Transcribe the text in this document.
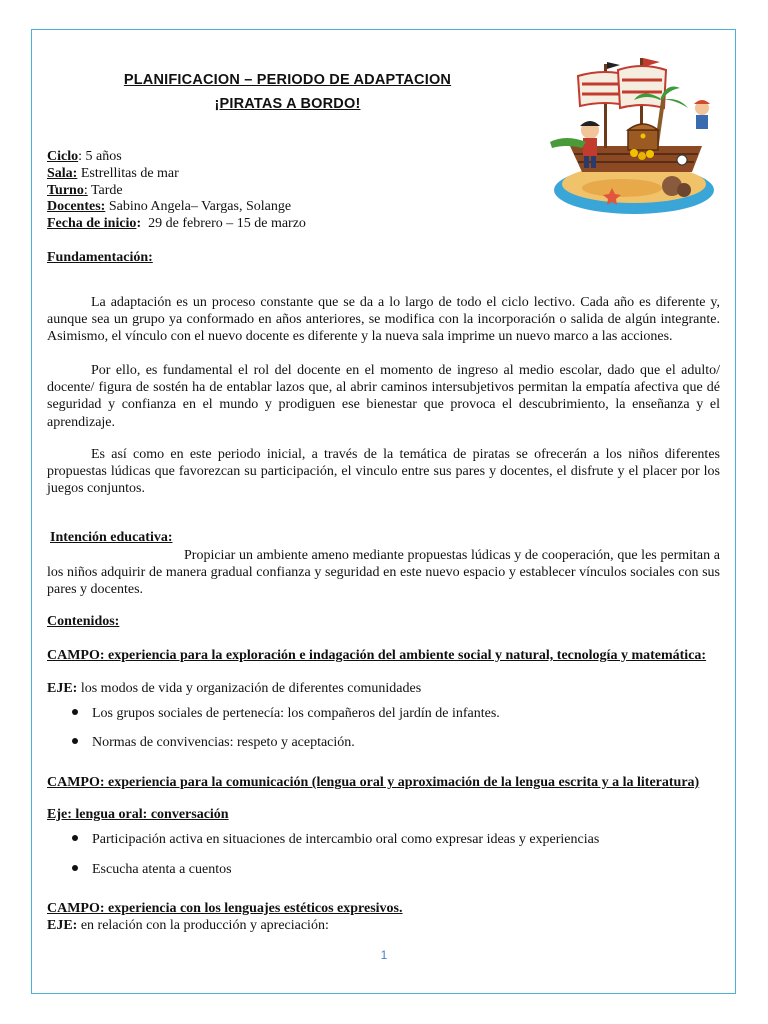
PLANIFICACION – PERIODO DE ADAPTACION
¡PIRATAS A BORDO!
Ciclo: 5 años
Sala: Estrellitas de mar
Turno: Tarde
Docentes: Sabino Angela– Vargas, Solange
Fecha de inicio: 29 de febrero – 15 de marzo
Fundamentación:

La adaptación es un proceso constante que se da a lo largo de todo el ciclo lectivo. Cada año es diferente y, aunque sea un grupo ya conformado en años anteriores, se modifica con la incorporación o salida de algún integrante. Asimismo, el vínculo con el nuevo docente es diferente y la nueva sala imprime un nuevo marco a las acciones.

Por ello, es fundamental el rol del docente en el momento de ingreso al medio escolar, dado que el adulto/ docente/ figura de sostén ha de entablar lazos que, al abrir caminos intersubjetivos permitan la empatía afectiva que dé seguridad y confianza en el mundo y prodiguen ese bienestar que provoca el descubrimiento, la enseñanza y el aprendizaje.

Es así como en este periodo inicial, a través de la temática de piratas se ofrecerán a los niños diferentes propuestas lúdicas que favorezcan su participación, el vinculo entre sus pares y docentes, el disfrute y el placer por los juegos conjuntos.

Intención educativa:

Propiciar un ambiente ameno mediante propuestas lúdicas y de cooperación, que les permitan a los niños adquirir de manera gradual confianza y seguridad en este nuevo espacio y establecer vínculos sociales con sus pares y docentes.

Contenidos:

CAMPO: experiencia para la exploración e indagación del ambiente social y natural, tecnología y matemática:

EJE: los modos de vida y organización de diferentes comunidades
Los grupos sociales de pertenecía: los compañeros del jardín de infantes.
Normas de convivencias: respeto y aceptación.

CAMPO: experiencia para la comunicación (lengua oral y aproximación de la lengua escrita y a la literatura)

Eje: lengua oral: conversación
Participación activa en situaciones de intercambio oral como expresar ideas y experiencias
Escucha atenta a cuentos
CAMPO: experiencia con los lenguajes estéticos expresivos.
EJE: en relación con la producción y apreciación:
1
